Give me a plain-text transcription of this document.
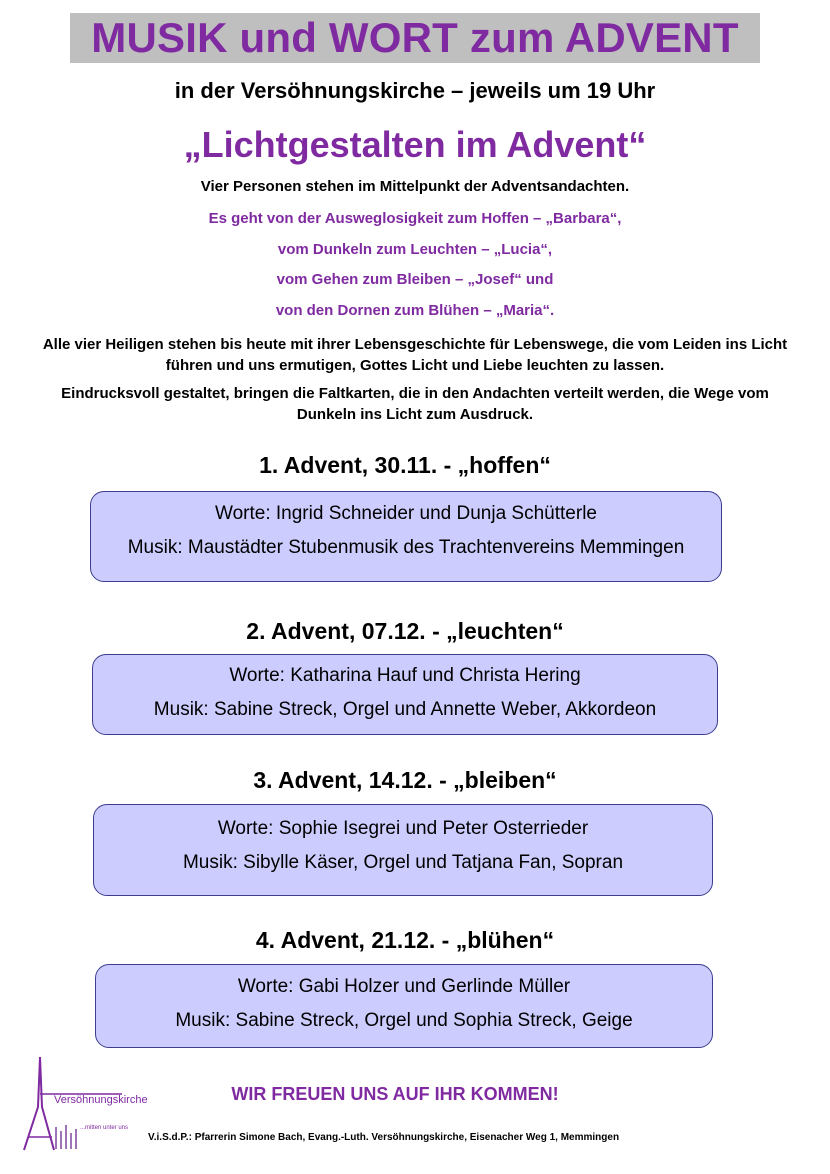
MUSIK und WORT zum ADVENT
in der Versöhnungskirche – jeweils um 19 Uhr
„Lichtgestalten im Advent“
Vier Personen stehen im Mittelpunkt der Adventsandachten.
Es geht von der Ausweglosigkeit zum Hoffen – „Barbara“,
vom Dunkeln zum Leuchten – „Lucia“,
vom Gehen zum Bleiben – „Josef“ und
von den Dornen zum Blühen – „Maria“.
Alle vier Heiligen stehen bis heute mit ihrer Lebensgeschichte für Lebenswege, die vom Leiden ins Licht führen und uns ermutigen, Gottes Licht und Liebe leuchten zu lassen.
Eindrucksvoll gestaltet, bringen die Faltkarten, die in den Andachten verteilt werden, die Wege vom Dunkeln ins Licht zum Ausdruck.
1. Advent, 30.11. - „hoffen“
Worte: Ingrid Schneider und Dunja Schütterle
Musik: Maustädter Stubenmusik des Trachtenvereins Memmingen
2. Advent, 07.12. - „leuchten“
Worte: Katharina Hauf und Christa Hering
Musik: Sabine Streck, Orgel und Annette Weber, Akkordeon
3. Advent, 14.12. - „bleiben“
Worte: Sophie Isegrei und Peter Osterrieder
Musik: Sibylle Käser, Orgel und Tatjana Fan, Sopran
4. Advent, 21.12. - „blühen“
Worte: Gabi Holzer und Gerlinde Müller
Musik: Sabine Streck, Orgel und Sophia Streck, Geige
WIR FREUEN UNS AUF IHR KOMMEN!
Versöhnungskirche
...mitten unter uns
V.i.S.d.P.: Pfarrerin Simone Bach, Evang.-Luth. Versöhnungskirche, Eisenacher Weg 1, Memmingen
